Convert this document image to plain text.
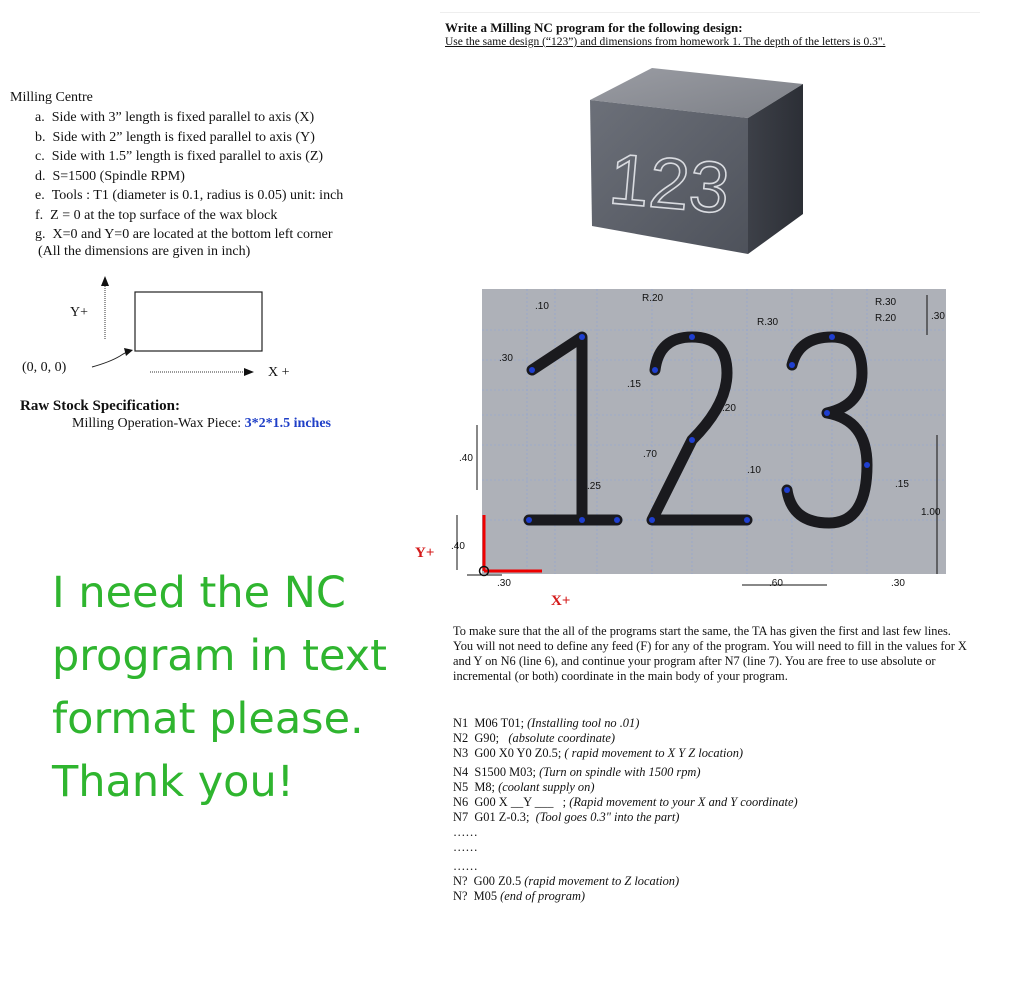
Write a Milling NC program for the following design:
Use the same design (“123”) and dimensions from homework 1. The depth of the letters is 0.3".
Milling Centre
a. Side with 3” length is fixed parallel to axis (X)
b. Side with 2” length is fixed parallel to axis (Y)
c. Side with 1.5” length is fixed parallel to axis (Z)
d. S=1500 (Spindle RPM)
e. Tools : T1 (diameter is 0.1, radius is 0.05) unit: inch
f. Z = 0 at the top surface of the wax block
g. X=0 and Y=0 are located at the bottom left corner
(All the dimensions are given in inch)
Y+
(0, 0, 0)	X +
Raw Stock Specification:
Milling Operation-Wax Piece: 3*2*1.5 inches
I need the NC program in text format please. Thank you!
123
.10
R.20
R.30
R.30
R.20	.30
.30
.15
.20
.70
.40
.25
.10
.15
1.00
.40
.30	.60	.30
Y+
X+
To make sure that the all of the programs start the same, the TA has given the first and last few lines. You will not need to define any feed (F) for any of the program. You will need to fill in the values for X and Y on N6 (line 6), and continue your program after N7 (line 7). You are free to use absolute or incremental (or both) coordinate in the main body of your program.
N1  M06 T01; (Installing tool no .01)
N2  G90;   (absolute coordinate)
N3  G00 X0 Y0 Z0.5; ( rapid movement to X Y Z location)
N4  S1500 M03; (Turn on spindle with 1500 rpm)
N5  M8; (coolant supply on)
N6  G00 X __Y ___   ; (Rapid movement to your X and Y coordinate)
N7  G01 Z-0.3;  (Tool goes 0.3" into the part)
……
……
……
N?  G00 Z0.5 (rapid movement to Z location)
N?  M05 (end of program)
